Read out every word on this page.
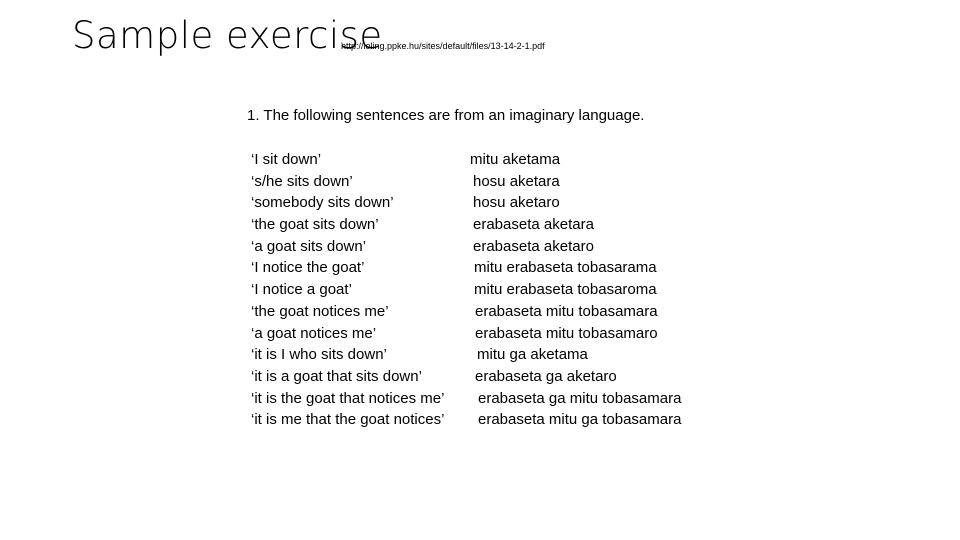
Sample exercise
http://ioling.ppke.hu/sites/default/files/13-14-2-1.pdf
1. The following sentences are from an imaginary language.
‘I sit down’	mitu aketama
‘s/he sits down’	hosu aketara
‘somebody sits down’	hosu aketaro
‘the goat sits down’	erabaseta aketara
‘a goat sits down’	erabaseta aketaro
‘I notice the goat’	mitu erabaseta tobasarama
‘I notice a goat’	mitu erabaseta tobasaroma
‘the goat notices me’	erabaseta mitu tobasamara
‘a goat notices me’	erabaseta mitu tobasamaro
‘it is I who sits down’	mitu ga aketama
‘it is a goat that sits down’	erabaseta ga aketaro
‘it is the goat that notices me’ erabaseta ga mitu tobasamara
‘it is me that the goat notices’ erabaseta mitu ga tobasamara
